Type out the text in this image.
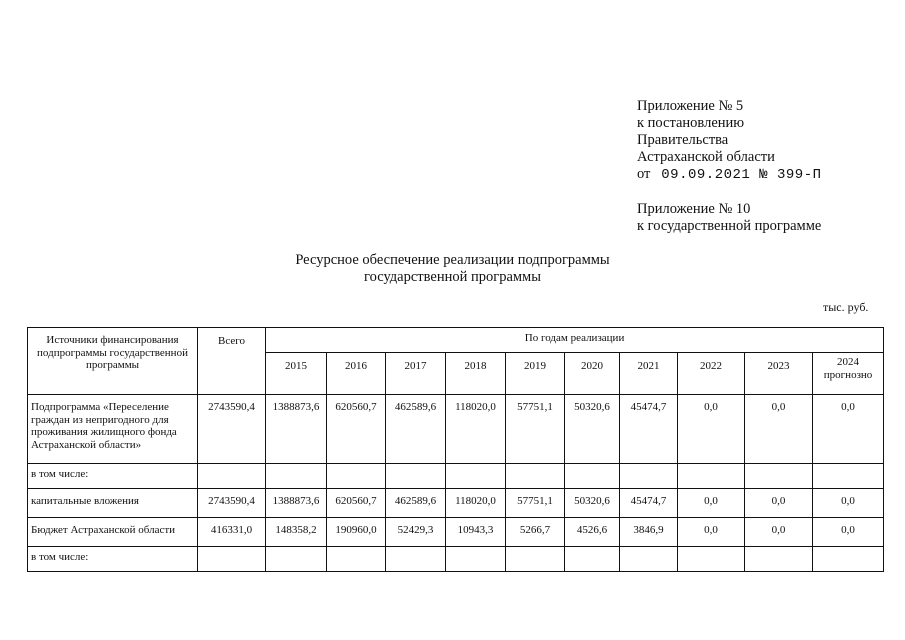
Приложение № 5
к постановлению
Правительства
Астраханской области
от 09.09.2021 № 399-П
Приложение № 10
к государственной программе
Ресурсное обеспечение реализации подпрограммы
государственной программы
тыс. руб.
Источники финансирования подпрограммы государственной программы	Всего	По годам реализации									
		2015	2016	2017	2018	2019	2020	2021	2022	2023	2024
прогнозно

Подпрограмма «Переселение граждан из непригодного для проживания жилищного фонда Астраханской области»	2743590,4	1388873,6	620560,7	462589,6	118020,0	57751,1	50320,6	45474,7	0,0	0,0	0,0
в том числе:											
капитальные вложения	2743590,4	1388873,6	620560,7	462589,6	118020,0	57751,1	50320,6	45474,7	0,0	0,0	0,0
Бюджет Астраханской области	416331,0	148358,2	190960,0	52429,3	10943,3	5266,7	4526,6	3846,9	0,0	0,0	0,0
в том числе:											
